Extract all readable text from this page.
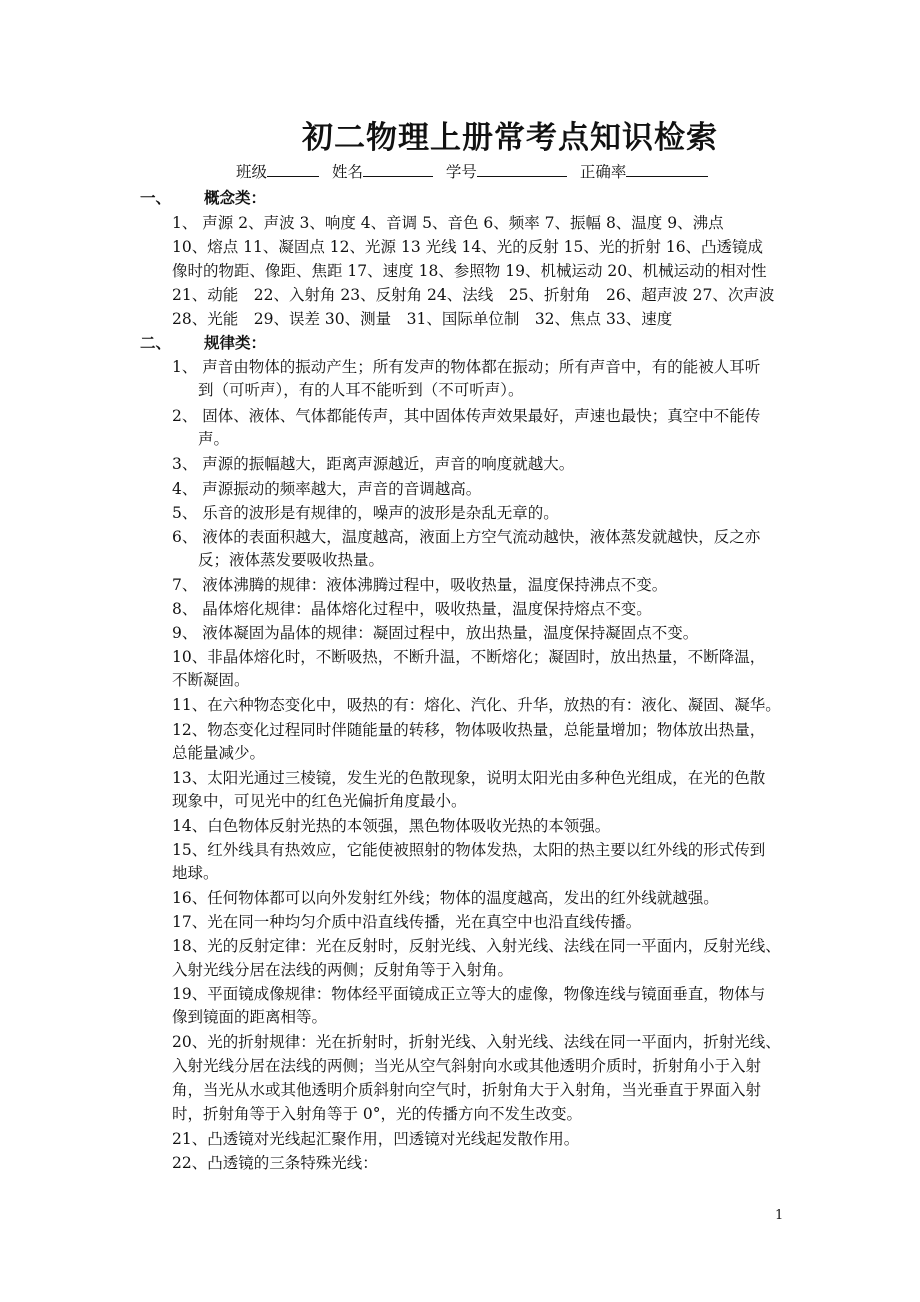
初二物理上册常考点知识检索
班级	姓名	学号	正确率
一、 概念类：
1、 声源 2、声波 3、响度 4、音调 5、音色 6、频率 7、振幅 8、温度 9、沸点
10、熔点 11、凝固点 12、光源 13 光线 14、光的反射 15、光的折射 16、凸透镜成
像时的物距、像距、焦距 17、速度 18、参照物 19、机械运动 20、机械运动的相对性
21、动能　22、入射角 23、反射角 24、法线　25、折射角　26、超声波 27、次声波
28、光能　29、误差 30、测量　31、国际单位制　32、焦点 33、速度
二、 规律类：
1、 声音由物体的振动产生；所有发声的物体都在振动；所有声音中，有的能被人耳听
到（可听声），有的人耳不能听到（不可听声）。
2、 固体、液体、气体都能传声，其中固体传声效果最好，声速也最快；真空中不能传
声。
3、 声源的振幅越大，距离声源越近，声音的响度就越大。
4、 声源振动的频率越大，声音的音调越高。
5、 乐音的波形是有规律的，噪声的波形是杂乱无章的。
6、 液体的表面积越大，温度越高，液面上方空气流动越快，液体蒸发就越快，反之亦
反；液体蒸发要吸收热量。
7、 液体沸腾的规律：液体沸腾过程中，吸收热量，温度保持沸点不变。
8、 晶体熔化规律：晶体熔化过程中，吸收热量，温度保持熔点不变。
9、 液体凝固为晶体的规律：凝固过程中，放出热量，温度保持凝固点不变。
10、非晶体熔化时，不断吸热，不断升温，不断熔化；凝固时，放出热量，不断降温，
不断凝固。
11、在六种物态变化中，吸热的有：熔化、汽化、升华，放热的有：液化、凝固、凝华。
12、物态变化过程同时伴随能量的转移，物体吸收热量，总能量增加；物体放出热量，
总能量减少。
13、太阳光通过三棱镜，发生光的色散现象，说明太阳光由多种色光组成，在光的色散
现象中，可见光中的红色光偏折角度最小。
14、白色物体反射光热的本领强，黑色物体吸收光热的本领强。
15、红外线具有热效应，它能使被照射的物体发热，太阳的热主要以红外线的形式传到
地球。
16、任何物体都可以向外发射红外线；物体的温度越高，发出的红外线就越强。
17、光在同一种均匀介质中沿直线传播，光在真空中也沿直线传播。
18、光的反射定律：光在反射时，反射光线、入射光线、法线在同一平面内，反射光线、
入射光线分居在法线的两侧；反射角等于入射角。
19、平面镜成像规律：物体经平面镜成正立等大的虚像，物像连线与镜面垂直，物体与
像到镜面的距离相等。
20、光的折射规律：光在折射时，折射光线、入射光线、法线在同一平面内，折射光线、
入射光线分居在法线的两侧；当光从空气斜射向水或其他透明介质时，折射角小于入射
角，当光从水或其他透明介质斜射向空气时，折射角大于入射角，当光垂直于界面入射
时，折射角等于入射角等于 0°，光的传播方向不发生改变。
21、凸透镜对光线起汇聚作用，凹透镜对光线起发散作用。
22、凸透镜的三条特殊光线：
1
